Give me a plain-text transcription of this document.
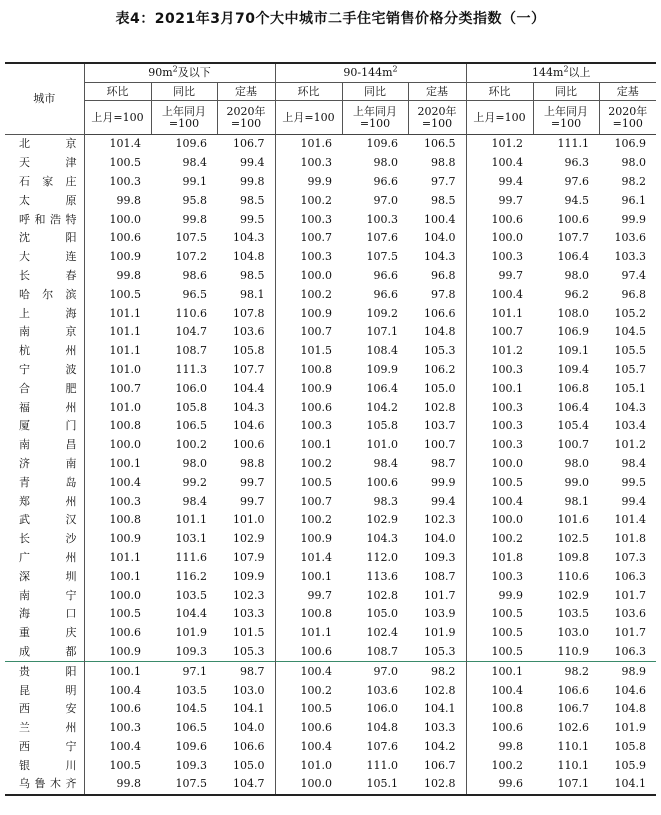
表4：2021年3月70个大中城市二手住宅销售价格分类指数（一）
城市	$90m^2$及以下			$90-144m^2$			$144m^2$以上		
	环比	同比	定基	环比	同比	定基	环比	同比	定基
	上月=100	上年同月=100	2020年=100	上月=100	上年同月=100	2020年=100	上月=100	上年同月=100	2020年=100
北京	101.4	109.6	106.7	101.6	109.6	106.5	101.2	111.1	106.9
天津	100.5	98.4	99.4	100.3	98.0	98.8	100.4	96.3	98.0
石家庄	100.3	99.1	99.8	99.9	96.6	97.7	99.4	97.6	98.2
太原	99.8	95.8	98.5	100.2	97.0	98.5	99.7	94.5	96.1
呼和浩特	100.0	99.8	99.5	100.3	100.3	100.4	100.6	100.6	99.9
沈阳	100.6	107.5	104.3	100.7	107.6	104.0	100.0	107.7	103.6
大连	100.9	107.2	104.8	100.3	107.5	104.3	100.3	106.4	103.3
长春	99.8	98.6	98.5	100.0	96.6	96.8	99.7	98.0	97.4
哈尔滨	100.5	96.5	98.1	100.2	96.6	97.8	100.4	96.2	96.8
上海	101.1	110.6	107.8	100.9	109.2	106.6	101.1	108.0	105.2
南京	101.1	104.7	103.6	100.7	107.1	104.8	100.7	106.9	104.5
杭州	101.1	108.7	105.8	101.5	108.4	105.3	101.2	109.1	105.5
宁波	101.0	111.3	107.7	100.8	109.9	106.2	100.3	109.4	105.7
合肥	100.7	106.0	104.4	100.9	106.4	105.0	100.1	106.8	105.1
福州	101.0	105.8	104.3	100.6	104.2	102.8	100.3	106.4	104.3
厦门	100.8	106.5	104.6	100.3	105.8	103.7	100.3	105.4	103.4
南昌	100.0	100.2	100.6	100.1	101.0	100.7	100.3	100.7	101.2
济南	100.1	98.0	98.8	100.2	98.4	98.7	100.0	98.0	98.4
青岛	100.4	99.2	99.7	100.5	100.6	99.9	100.5	99.0	99.5
郑州	100.3	98.4	99.7	100.7	98.3	99.4	100.4	98.1	99.4
武汉	100.8	101.1	101.0	100.2	102.9	102.3	100.0	101.6	101.4
长沙	100.9	103.1	102.9	100.9	104.3	104.0	100.2	102.5	101.8
广州	101.1	111.6	107.9	101.4	112.0	109.3	101.8	109.8	107.3
深圳	100.1	116.2	109.9	100.1	113.6	108.7	100.3	110.6	106.3
南宁	100.0	103.5	102.3	99.7	102.8	101.7	99.9	102.9	101.7
海口	100.5	104.4	103.3	100.8	105.0	103.9	100.5	103.5	103.6
重庆	100.6	101.9	101.5	101.1	102.4	101.9	100.5	103.0	101.7
成都	100.9	109.3	105.3	100.6	108.7	105.3	100.5	110.9	106.3
贵阳	100.1	97.1	98.7	100.4	97.0	98.2	100.1	98.2	98.9
昆明	100.4	103.5	103.0	100.2	103.6	102.8	100.4	106.6	104.6
西安	100.6	104.5	104.1	100.5	106.0	104.1	100.8	106.7	104.8
兰州	100.3	106.5	104.0	100.6	104.8	103.3	100.6	102.6	101.9
西宁	100.4	109.6	106.6	100.4	107.6	104.2	99.8	110.1	105.8
银川	100.5	109.3	105.0	101.0	111.0	106.7	100.2	110.1	105.9
乌鲁木齐	99.8	107.5	104.7	100.0	105.1	102.8	99.6	107.1	104.1
